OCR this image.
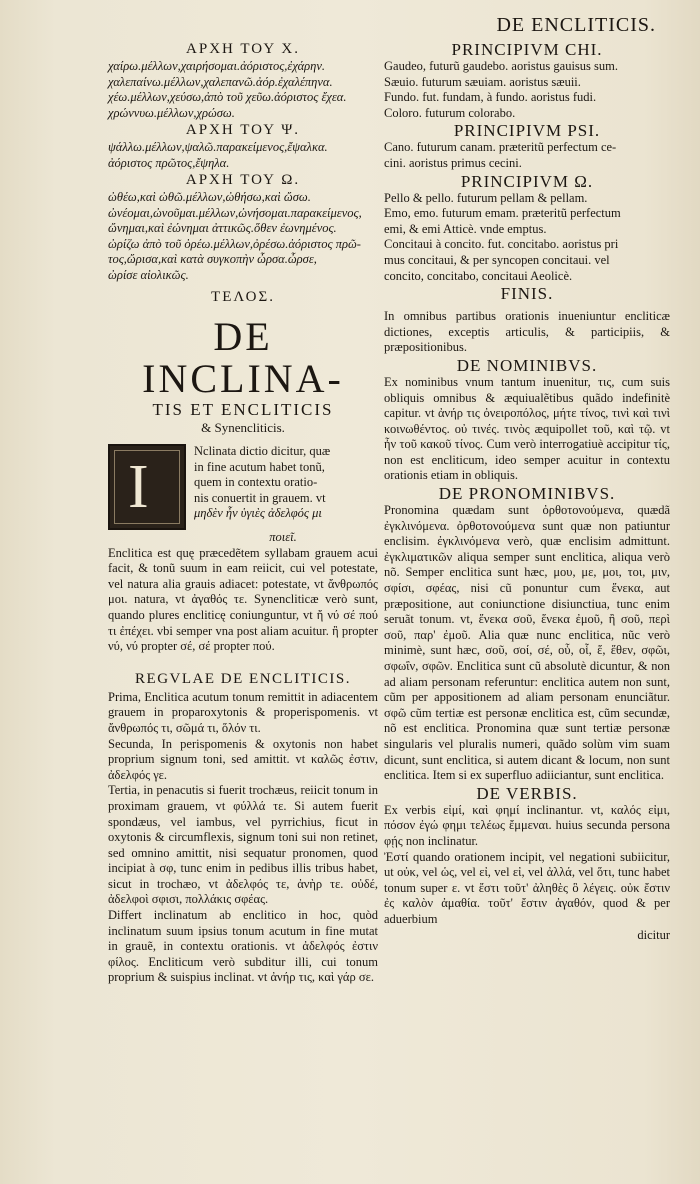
DE ENCLITICIS.

ΑΡΧΗ ΤΟΥ Χ.

χαίρω.μέλλων,χαιρήσομαι.ἀόριστος,ἐχάρην.

χαλεπαίνω.μέλλων,χαλεπανῶ.ἀόρ.ἐχαλέπηνα.

χέω.μέλλων,χεύσω,ἀπὸ τοῦ χεῦω.ἀόριστος ἔχεα.

χρώννυω.μέλλων,χρώσω.

ΑΡΧΗ ΤΟΥ Ψ.

ψάλλω.μέλλων,ψαλῶ.παρακείμενος,ἔψαλκα.

ἀόριστος πρῶτος,ἔψηλα.

ΑΡΧΗ ΤΟΥ Ω.

ὠθέω,καὶ ὠθῶ.μέλλων,ὠθήσω,καὶ ὤσω.

ὠνέομαι,ὠνοῦμαι.μέλλων,ὠνήσομαι.παρακείμενος,

ὤνημαι,καὶ ἐώνημαι ἀττικῶς.ὅθεν ἐωνημένος.

ὠρίζω ἀπὸ τοῦ ὀρέω.μέλλων,ὀρέσω.ἀόριστος πρῶ-

τος,ὤρισα,καὶ κατὰ συγκοπὴν ὦρσα.ὦρσε,

ὠρίσε αἰολικῶς.

ΤΕΛΟΣ.

DE INCLINA-

TIS ET ENCLITICIS

& Synencliticis.

I

Nclinata dictio dicitur, quæ

in fine acutum habet tonũ,

quem in contextu oratio-

nis conuertit in grauem. vt

μηδὲν ἦν ὑγιὲς ἀδελφός μι

ποιεῖ.

Enclitica est quę præcedẽtem syllabam grauem acui facit, & tonũ suum in eam reiicit, cui vel potestate, vel natura alia grauis adiacet: potestate, vt ἄνθρωπός μοι. natura, vt ἀγαθός τε. Synencliticæ verò sunt, quando plures encliticę coniunguntur, vt ἤ νύ σέ πού τι ἐπέχει. vbi semper vna post aliam acuitur. ἢ propter νύ, νύ propter σέ, σέ propter πού.

REGVLAE DE ENCLITICIS.

Prima, Enclitica acutum tonum remittit in adiacentem grauem in proparoxytonis & properispomenis. vt ἄνθρωπός τι, σῶμά τι, ὅλόν τι.

Secunda, In perispomenis & oxytonis non habet proprium signum toni, sed amittit. vt καλῶς ἐστιν, ἀδελφός γε.

Tertia, in penacutis si fuerit trochæus, reiicit tonum in proximam grauem, vt φύλλά τε. Si autem fuerit spondæus, vel iambus, vel pyrrichius, ficut in oxytonis & circumflexis, signum toni sui non retinet, sed omnino amittit, nisi sequatur pronomen, quod incipiat à σφ, tunc enim in pedibus illis tribus habet, sicut in trochæo, vt ἀδελφός τε, ἀνὴρ τε. οὐδέ, ἀδελφοὶ σφισι, πολλάκις σφέας.

Differt inclinatum ab enclitico in hoc, quòd inclinatum suum ipsius tonum acutum in fine mutat in grauẽ, in contextu orationis. vt ἀδελφός ἐστιν φίλος. Encliticum verò subditur illi, cui tonum proprium & suispius inclinat. vt ἀνήρ τις, καὶ γάρ σε.

PRINCIPIVM CHI.

Gaudeo, futurũ gaudebo. aoristus gauisus sum.

Sæuio. futurum sæuiam. aoristus sæuii.

Fundo. fut. fundam, à fundo. aoristus fudi.

Coloro. futurum colorabo.

PRINCIPIVM PSI.

Cano. futurum canam. præteritũ perfectum ce-

cini. aoristus primus cecini.

PRINCIPIVM Ω.

Pello & pello. futurum pellam & pellam.

Emo, emo. futurum emam. præteritũ perfectum

emi, & emi Atticè. vnde emptus.

Concitaui à concito. fut. concitabo. aoristus pri

mus concitaui, & per syncopen concitaui. vel

concito, concitabo, concitaui Aeolicè.

FINIS.

In omnibus partibus orationis inueniuntur encliticæ dictiones, exceptis articulis, & participiis, & præpositionibus.

DE NOMINIBVS.

Ex nominibus vnum tantum inuenitur, τις, cum suis obliquis omnibus & æquiualẽtibus quãdo indefinitè capitur. vt ἀνήρ τις ὀνειροπόλος, μήτε τίνος, τινὶ καὶ τινὶ κοινωθέντος. οὐ τινές. τινὸς æquipollet τοῦ, καὶ τῷ. vt ἦν τοῦ κακοῦ τίνος. Cum verò interrogatiuè accipitur τίς, non est encliticum, ideo semper acuitur in contextu orationis etiam in obliquis.

DE PRONOMINIBVS.

Pronomina quædam sunt ὀρθοτονούμενα, quædã ἐγκλινόμενα. ὀρθοτονούμενα sunt quæ non patiuntur enclisim. ἐγκλινόμενα verò, quæ enclisim admittunt. ἐγκλιματικῶν aliqua semper sunt enclitica, aliqua verò nõ. Semper enclitica sunt hæc, μου, με, μοι, τοι, μιν, σφίσι, σφέας, nisi cũ ponuntur cum ἕνεκα, aut præpositione, aut coniunctione disiunctiua, tunc enim seruãt tonum. vt, ἕνεκα σοῦ, ἕνεκα ἐμοῦ, ἢ σοῦ, περὶ σοῦ, παρ' ἐμοῦ. Alia quæ nunc enclitica, nũc verò minimè, sunt hæc, σοῦ, σοί, σέ, οὗ, οἷ, ἕ, ἕθεν, σφῶι, σφωΐν, σφῶν. Enclitica sunt cũ absolutè dicuntur, & non ad aliam personam referuntur: enclitica autem non sunt, cũm per appositionem ad aliam personam enunciãtur. σφῶ cũm tertiæ est personæ enclitica est, cũm secundæ, nõ est enclitica. Pronomina quæ sunt tertiæ personæ singularis vel pluralis numeri, quãdo solùm vim suam dicunt, sunt enclitica, si autem dicant & locum, non sunt enclitica. Item si ex superfluo adiiciantur, sunt enclitica.

DE VERBIS.

Ex verbis εἰμί, καὶ φημί inclinantur. vt, καλός εἰμι, πόσον ἐγώ φημι τελέως ἔμμεναι. huius secunda persona φῄς non inclinatur.

Ἐστί quando orationem incipit, vel negationi subiicitur, ut οὐκ, vel ὡς, vel εἰ, vel εἰ, vel ἀλλά, vel ὅτι, tunc habet tonum super ε. vt ἔστι τοῦτ' ἀληθὲς ὃ λέγεις. οὐκ ἔστιν ἐς καλὸν ἀμαθία. τοῦτ' ἔστιν ἀγαθόν, quod & per aduerbium

dicitur
